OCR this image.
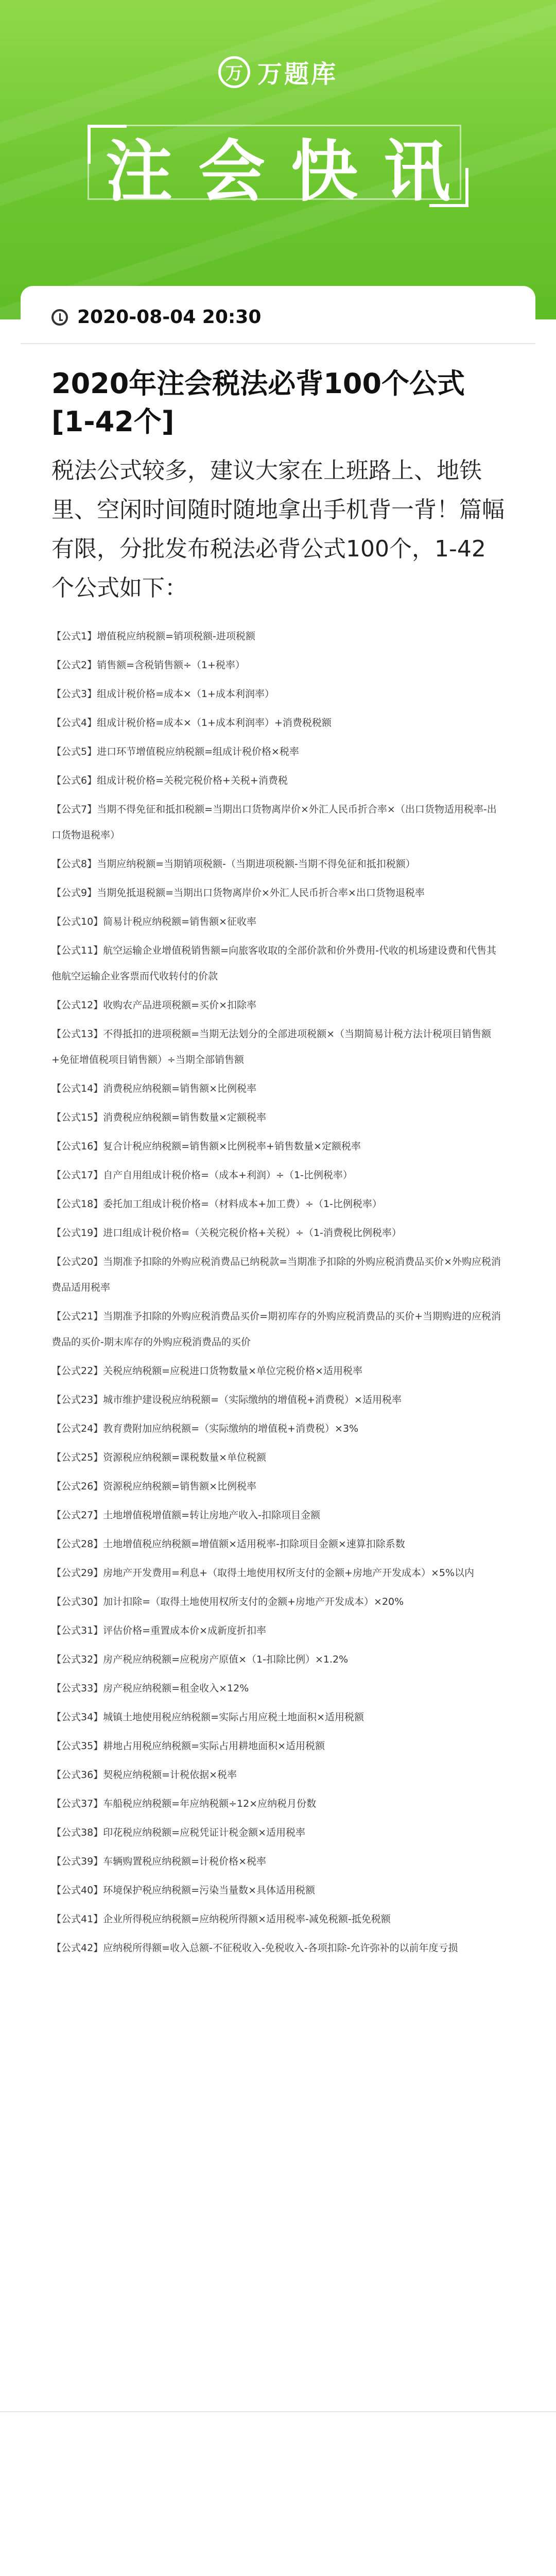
万 万题库
注 会 快 讯
2020-08-04 20:30
2020年注会税法必背100个公式[1-42个]
税法公式较多，建议大家在上班路上、地铁里、空闲时间随时随地拿出手机背一背！篇幅有限，分批发布税法必背公式100个，1-42个公式如下：

【公式1】增值税应纳税额=销项税额-进项税额

【公式2】销售额=含税销售额÷（1+税率）

【公式3】组成计税价格=成本×（1+成本利润率）

【公式4】组成计税价格=成本×（1+成本利润率）+消费税税额

【公式5】进口环节增值税应纳税额=组成计税价格×税率

【公式6】组成计税价格=关税完税价格+关税+消费税

【公式7】当期不得免征和抵扣税额=当期出口货物离岸价×外汇人民币折合率×（出口货物适用税率-出口货物退税率）

【公式8】当期应纳税额=当期销项税额-（当期进项税额-当期不得免征和抵扣税额）

【公式9】当期免抵退税额=当期出口货物离岸价×外汇人民币折合率×出口货物退税率

【公式10】简易计税应纳税额=销售额×征收率

【公式11】航空运输企业增值税销售额=向旅客收取的全部价款和价外费用-代收的机场建设费和代售其他航空运输企业客票而代收转付的价款

【公式12】收购农产品进项税额=买价×扣除率

【公式13】不得抵扣的进项税额=当期无法划分的全部进项税额×（当期简易计税方法计税项目销售额+免征增值税项目销售额）÷当期全部销售额

【公式14】消费税应纳税额=销售额×比例税率

【公式15】消费税应纳税额=销售数量×定额税率

【公式16】复合计税应纳税额=销售额×比例税率+销售数量×定额税率

【公式17】自产自用组成计税价格=（成本+利润）÷（1-比例税率）

【公式18】委托加工组成计税价格=（材料成本+加工费）÷（1-比例税率）

【公式19】进口组成计税价格=（关税完税价格+关税）÷（1-消费税比例税率）

【公式20】当期准予扣除的外购应税消费品已纳税款=当期准予扣除的外购应税消费品买价×外购应税消费品适用税率

【公式21】当期准予扣除的外购应税消费品买价=期初库存的外购应税消费品的买价+当期购进的应税消费品的买价-期末库存的外购应税消费品的买价

【公式22】关税应纳税额=应税进口货物数量×单位完税价格×适用税率

【公式23】城市维护建设税应纳税额=（实际缴纳的增值税+消费税）×适用税率

【公式24】教育费附加应纳税额=（实际缴纳的增值税+消费税）×3%

【公式25】资源税应纳税额=课税数量×单位税额

【公式26】资源税应纳税额=销售额×比例税率

【公式27】土地增值税增值额=转让房地产收入-扣除项目金额

【公式28】土地增值税应纳税额=增值额×适用税率-扣除项目金额×速算扣除系数

【公式29】房地产开发费用=利息+（取得土地使用权所支付的金额+房地产开发成本）×5%以内

【公式30】加计扣除=（取得土地使用权所支付的金额+房地产开发成本）×20%

【公式31】评估价格=重置成本价×成新度折扣率

【公式32】房产税应纳税额=应税房产原值×（1-扣除比例）×1.2%

【公式33】房产税应纳税额=租金收入×12%

【公式34】城镇土地使用税应纳税额=实际占用应税土地面积×适用税额

【公式35】耕地占用税应纳税额=实际占用耕地面积×适用税额

【公式36】契税应纳税额=计税依据×税率

【公式37】车船税应纳税额=年应纳税额÷12×应纳税月份数

【公式38】印花税应纳税额=应税凭证计税金额×适用税率

【公式39】车辆购置税应纳税额=计税价格×税率

【公式40】环境保护税应纳税额=污染当量数×具体适用税额

【公式41】企业所得税应纳税额=应纳税所得额×适用税率-减免税额-抵免税额

【公式42】应纳税所得额=收入总额-不征税收入-免税收入-各项扣除-允许弥补的以前年度亏损
